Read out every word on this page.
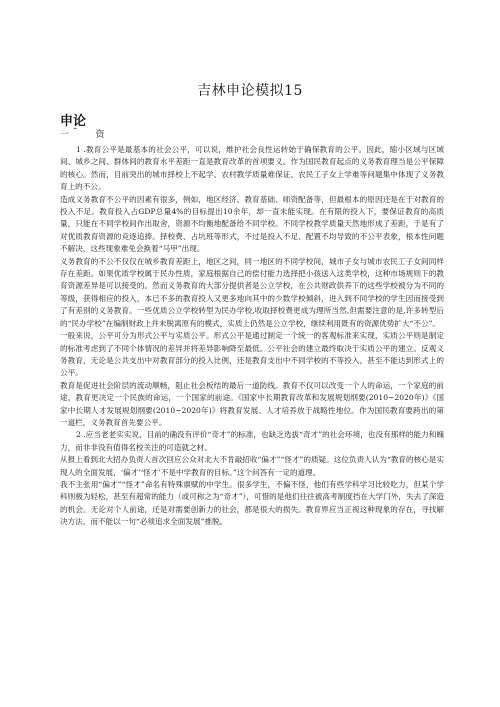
吉林申论模拟15
申论
一 ˉ 资

1 .教育公平是最基本的社会公平，可以说，维护社会良性运转始于确保教育的公平。因此，缩小区域与区域间、城乡之间、群体间的教育水平差距一直是教育改革的首项要义。作为国民教育起点的义务教育理当是公平保障的核心。然而，目前突出的城市择校上不起学、农村教学质量难保证、农民工子女上学难等问题集中体现了义务教育上的不公。

造成义务教育不公平的因素有很多，例如，地区经济、教育基础、师资配备等，但最根本的原因还是在于对教育的投入不足。教育投入占GDP总量4%的目标提出10余年，却一直未能实现。在有限的投入下，要保证教育的高质量，只能在不同学校间作出取舍，资源不均衡地配备给不同学校。不同学校教学质量天然地形成了差距，于是有了对优质教育资源的竞逐追捧。择校费、占坑班等形式，不过是投入不足、配置不均导致的不公平表象，根本性问题不解决，这些现象难免会换着“马甲”出现。

义务教育的不公不仅仅在城乡教育差距上，地区之间，同一地区的不同学校间，城市子女与城市农民工子女间同样存在差距。如果优质学校属于民办性质，家庭根据自己的偿付能力选择把小孩送入这类学校，这种市场规则下的教育资源差异是可以接受的。然而义务教育的大部分提供者是公立学校，在公共财政供养下的这些学校被分为不同的等级，获得相应的投入，本已不多的教育投入又更多地向其中的少数学校倾斜，进入到不同学校的学生因而接受到了有差别的义务教育。一些优质公立学校转型为民办学校,收取择校费更成为理所当然,但需要注意的是,许多转型后的“民办学校”在编制财政上并未脱离原有的模式，实质上仍然是公立学校，继续利用既有的资源优势扩大“不公”。

一般来说，公平可分为形式公平与实质公平。形式公平是通过制定一个统一的客观标准来实现，实质公平则是制定的标准考虑到了不同个体情况的差异并将差异影响降至最低。公平社会的建立最终取决于实质公平的建立。反观义务教育，无论是公共支出中对教育部分的投入比例，还是教育支出中不同学校的不等投入，甚至不能达到形式上的公平。

教育是促进社会阶层的流动顺畅，阻止社会板结的最后一道防线。教育不仅可以改变一个人的命运，一个家庭的前途，教育更决定一个民族的命运，一个国家的前途。《国家中长期教育改革和发展规划纲要(2010~2020年)》《国家中长期人才发展规划纲要(2010~2020年)》将教育发展、人才培养放于战略性地位。作为国民教育要跨出的第一道栏，义务教育首先要公平。

2 .应当老老实实说，目前的确没有评价“奇才”的标准，也缺乏选拔“奇才”的社会环境，也没有那样的能力和魄力，而非非没有值得名校关注的可造就之材。

从报上看到北大招办负责人首次回应公众对北大不肯敲招收“偏才”“怪才”的质疑。这位负责人认为“教育的核心是实现人的全面发展，‘偏才’‘怪才’不是中学教育的目标。”这个问答有一定的道理。

我不主张用“偏才”“怪才”命名有特殊禀赋的中学生。很多学生，不偏不怪，他们有些学科学习比较吃力，但某个学科则极为轻松，甚至有超常的能力（或可称之为“奇才”），可惜的是他们往往被高考制度挡在大学门外，失去了深造的机会。无论对个人前途，还是对需要创新力的社会，都是很大的损失。教育界应当正视这种现象的存在，寻找解决方法，而不能以一句“必须追求全面发展”推脱。
